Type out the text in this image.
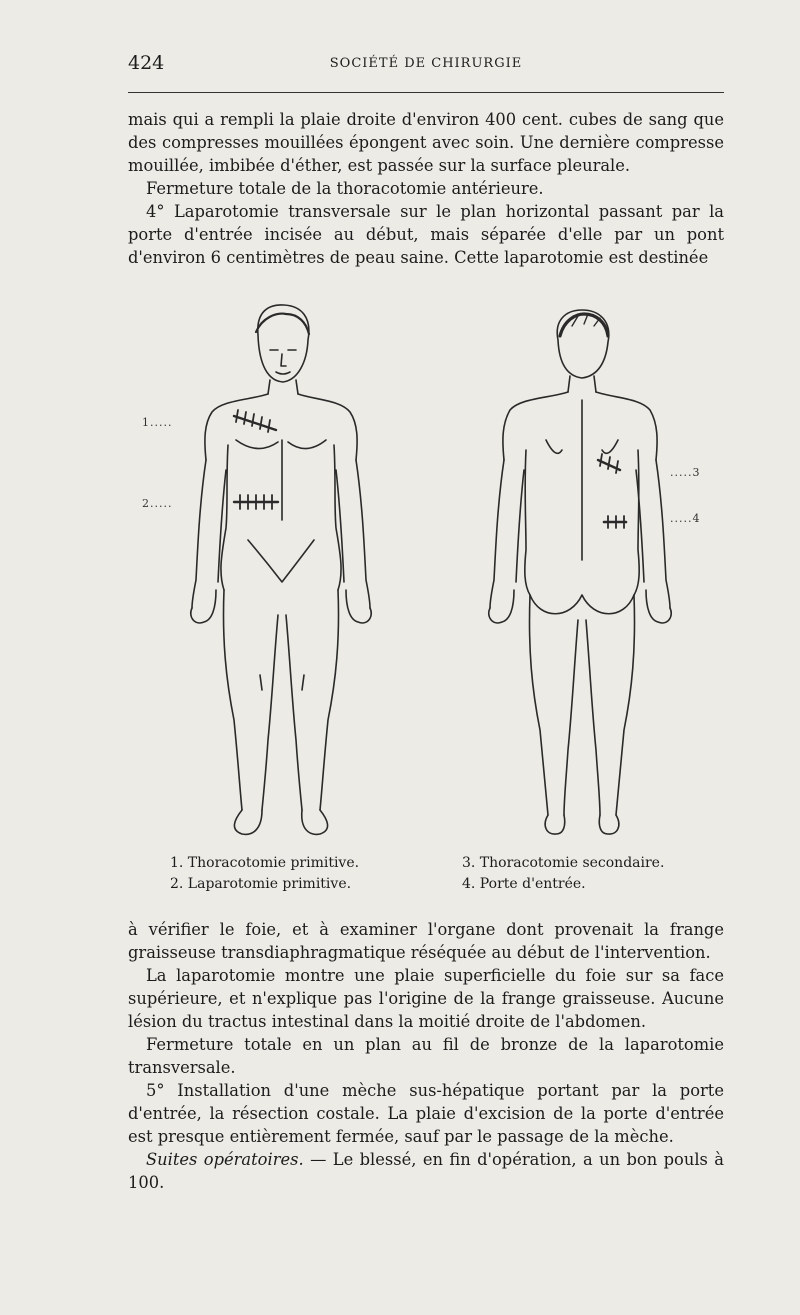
424	SOCIÉTÉ DE CHIRURGIE

mais qui a rempli la plaie droite d'environ 400 cent. cubes de sang que des compresses mouillées épongent avec soin. Une dernière compresse mouillée, imbibée d'éther, est passée sur la surface pleurale.

Fermeture totale de la thoracotomie antérieure.

4° Laparotomie transversale sur le plan horizontal passant par la porte d'entrée incisée au début, mais séparée d'elle par un pont d'environ 6 centimètres de peau saine. Cette laparotomie est destinée

1.....
2.....
.....3
.....4
1. Thoracotomie primitive.
2. Laparotomie primitive.
3. Thoracotomie secondaire.
4. Porte d'entrée.

à vérifier le foie, et à examiner l'organe dont provenait la frange graisseuse transdiaphragmatique réséquée au début de l'intervention.

La laparotomie montre une plaie superficielle du foie sur sa face supérieure, et n'explique pas l'origine de la frange graisseuse. Aucune lésion du tractus intestinal dans la moitié droite de l'abdomen.

Fermeture totale en un plan au fil de bronze de la laparotomie transversale.

5° Installation d'une mèche sus-hépatique portant par la porte d'entrée, la résection costale. La plaie d'excision de la porte d'entrée est presque entièrement fermée, sauf par le passage de la mèche.

Suites opératoires. — Le blessé, en fin d'opération, a un bon pouls à 100.
